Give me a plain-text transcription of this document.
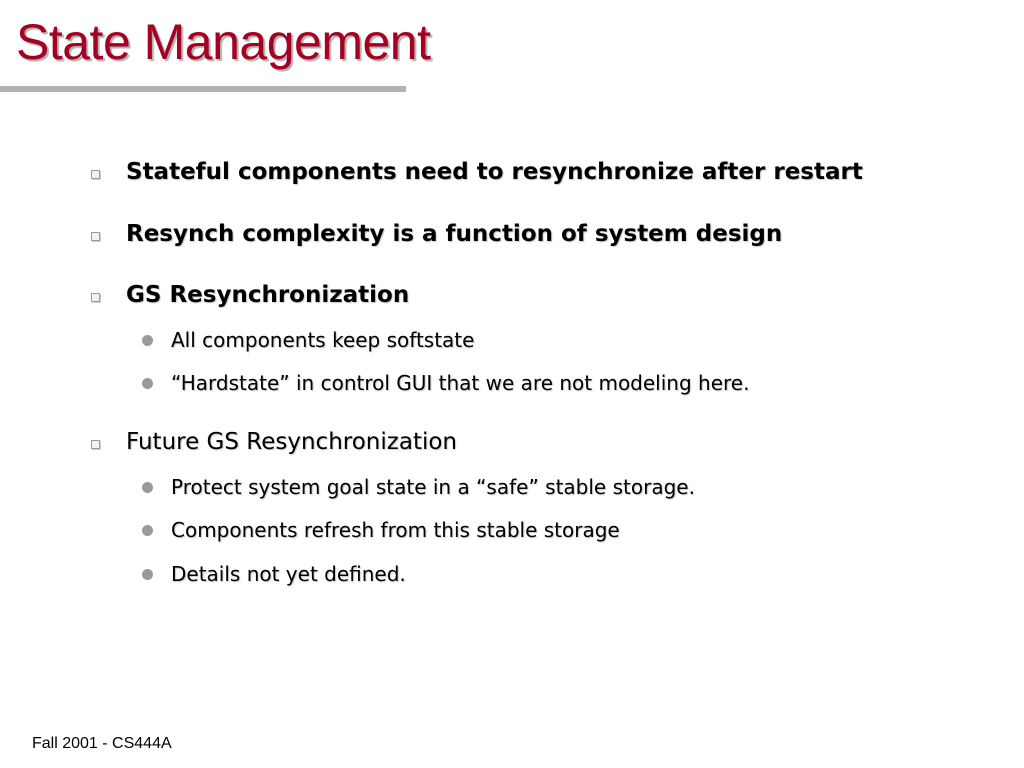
State Management
Stateful components need to resynchronize after restart
Resynch complexity is a function of system design
GS Resynchronization
All components keep softstate
“Hardstate” in control GUI that we are not modeling here.
Future GS Resynchronization
Protect system goal state in a “safe” stable storage.
Components refresh from this stable storage
Details not yet defined.
Fall 2001 - CS444A
